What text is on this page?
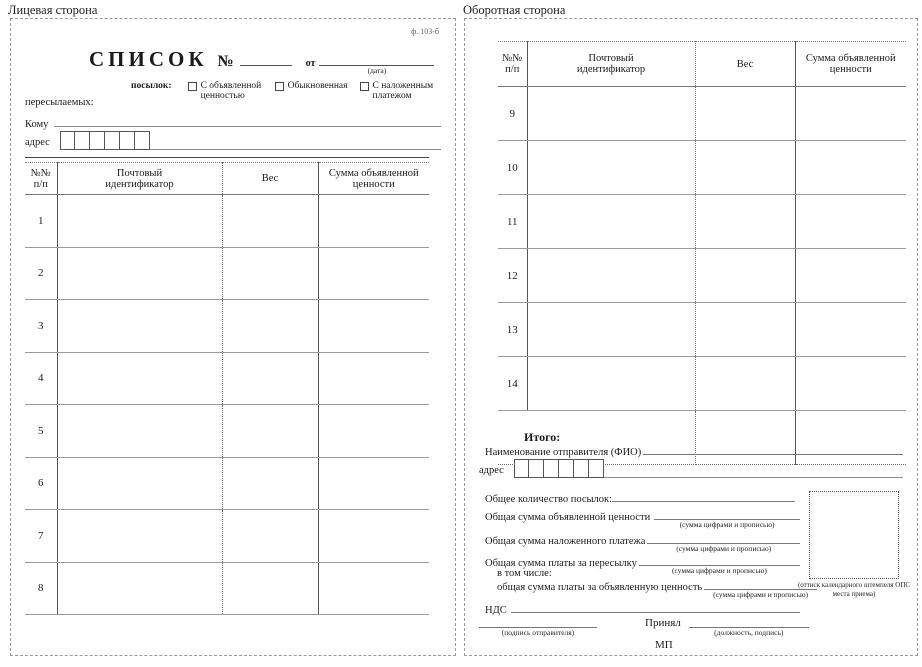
Лицевая сторона
ф. 103-б
СПИСОК №	от
(дата)
посылок:	С объявленной ценностью
Обыкновенная	С наложенным платежом
пересылаемых:
Кому
адрес
№№ п/п	Почтовый идентификатор	Вес	Сумма объявленной ценности
1			
2			
3			
4			
5			
6			
7			
8			
Оборотная сторона
№№ п/п	Почтовый идентификатор	Вес	Сумма объявленной ценности
9			
10			
11			
12			
13			
14			
Итого:			
Наименование отправителя (ФИО)
адрес
Общее количество посылок:
Общая сумма объявленной ценности
(сумма цифрами и прописью)
Общая сумма наложенного платежа
(сумма цифрами и прописью)
Общая сумма платы за пересылку
(сумма цифрами и прописью)
в том числе:
общая сумма платы за объявленную ценность
(сумма цифрами и прописью)
НДС
(подпись отправителя)
Принял
(должность, подпись)
МП
(оттиск календарного штемпеля ОПС места приема)
